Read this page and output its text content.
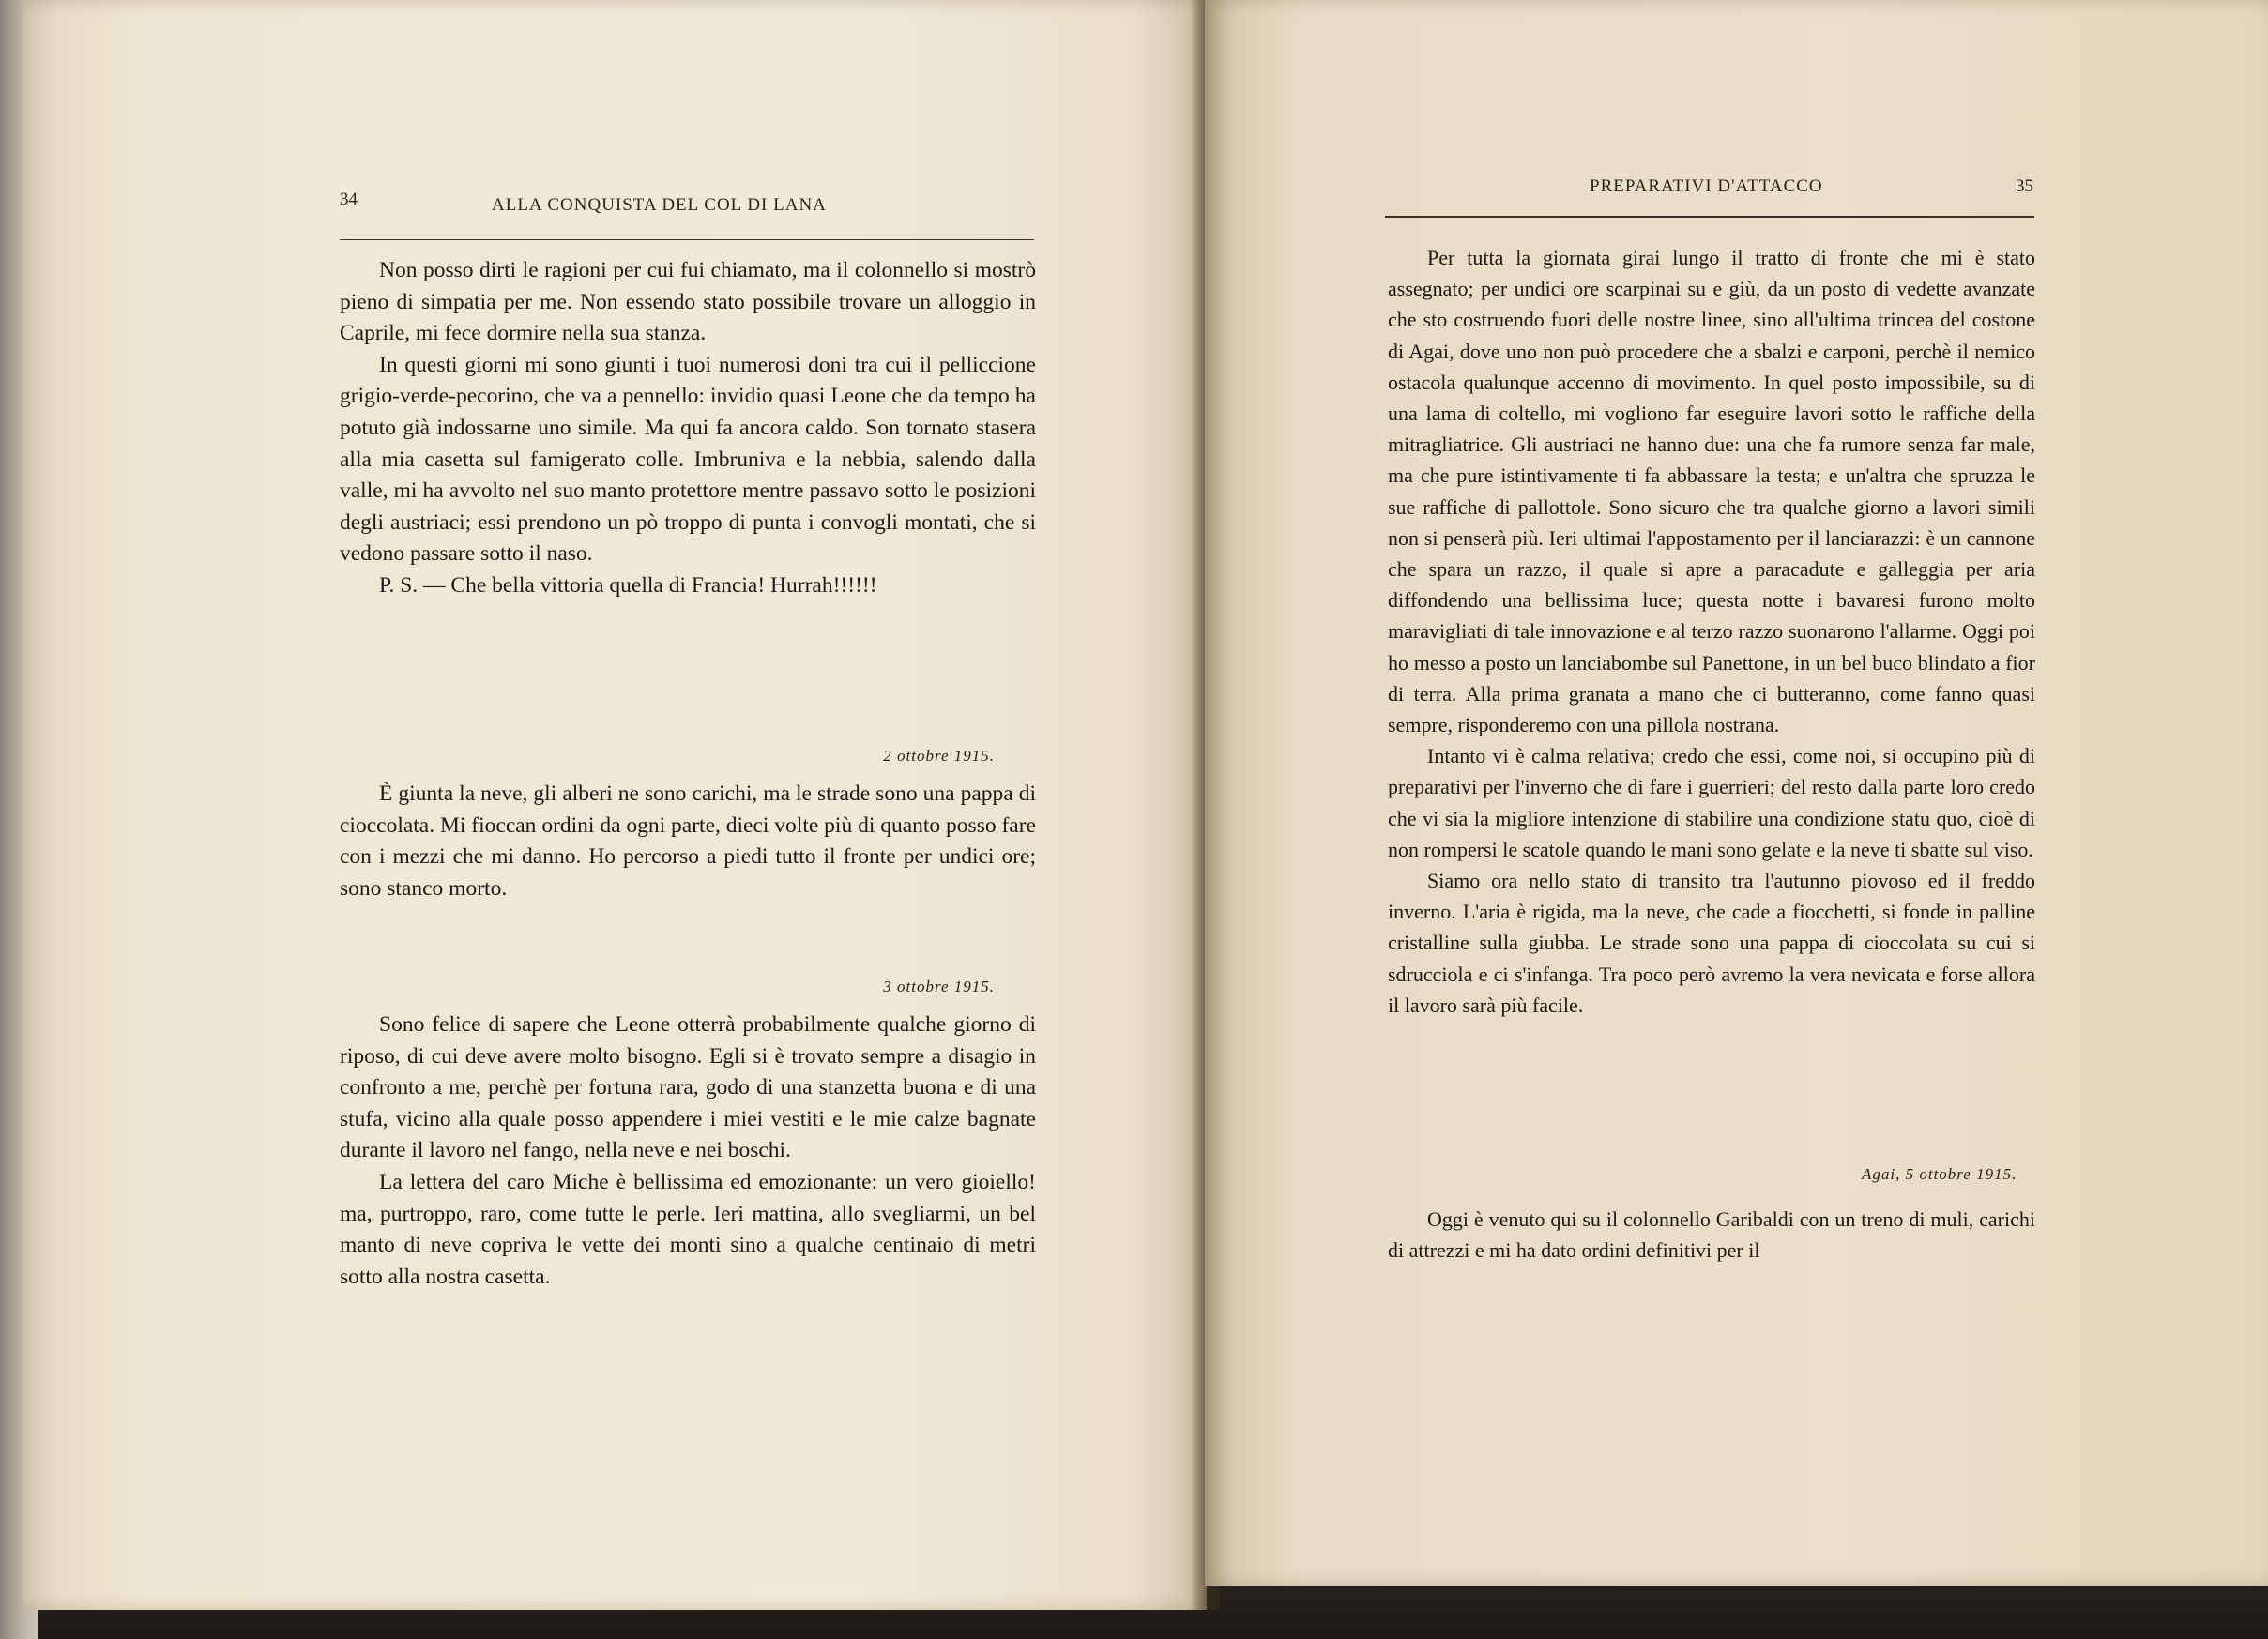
34	ALLA CONQUISTA DEL COL DI LANA

Non posso dirti le ragioni per cui fui chiamato, ma il colonnello si mostrò pieno di simpatia per me. Non essendo stato possibile trovare un alloggio in Caprile, mi fece dormire nella sua stanza.

In questi giorni mi sono giunti i tuoi numerosi doni tra cui il pelliccione grigio-verde-pecorino, che va a pennello: invidio quasi Leone che da tempo ha potuto già indossarne uno simile. Ma qui fa ancora caldo. Son tornato stasera alla mia casetta sul famigerato colle. Imbruniva e la nebbia, salendo dalla valle, mi ha avvolto nel suo manto protettore mentre passavo sotto le posizioni degli austriaci; essi prendono un pò troppo di punta i convogli montati, che si vedono passare sotto il naso.

P. S. — Che bella vittoria quella di Francia! Hurrah!!!!!!

2 ottobre 1915.

È giunta la neve, gli alberi ne sono carichi, ma le strade sono una pappa di cioccolata. Mi fioccan ordini da ogni parte, dieci volte più di quanto posso fare con i mezzi che mi danno. Ho percorso a piedi tutto il fronte per undici ore; sono stanco morto.

3 ottobre 1915.

Sono felice di sapere che Leone otterrà probabilmente qualche giorno di riposo, di cui deve avere molto bisogno. Egli si è trovato sempre a disagio in confronto a me, perchè per fortuna rara, godo di una stanzetta buona e di una stufa, vicino alla quale posso appendere i miei vestiti e le mie calze bagnate durante il lavoro nel fango, nella neve e nei boschi.

La lettera del caro Miche è bellissima ed emozionante: un vero gioiello! ma, purtroppo, raro, come tutte le perle. Ieri mattina, allo svegliarmi, un bel manto di neve copriva le vette dei monti sino a qualche centinaio di metri sotto alla nostra casetta.

PREPARATIVI D'ATTACCO	35

Per tutta la giornata girai lungo il tratto di fronte che mi è stato assegnato; per undici ore scarpinai su e giù, da un posto di vedette avanzate che sto costruendo fuori delle nostre linee, sino all'ultima trincea del costone di Agai, dove uno non può procedere che a sbalzi e carponi, perchè il nemico ostacola qualunque accenno di movimento. In quel posto impossibile, su di una lama di coltello, mi vogliono far eseguire lavori sotto le raffiche della mitragliatrice. Gli austriaci ne hanno due: una che fa rumore senza far male, ma che pure istintivamente ti fa abbassare la testa; e un'altra che spruzza le sue raffiche di pallottole. Sono sicuro che tra qualche giorno a lavori simili non si penserà più. Ieri ultimai l'appostamento per il lanciarazzi: è un cannone che spara un razzo, il quale si apre a paracadute e galleggia per aria diffondendo una bellissima luce; questa notte i bavaresi furono molto maravigliati di tale innovazione e al terzo razzo suonarono l'allarme. Oggi poi ho messo a posto un lanciabombe sul Panettone, in un bel buco blindato a fior di terra. Alla prima granata a mano che ci butteranno, come fanno quasi sempre, risponderemo con una pillola nostrana.

Intanto vi è calma relativa; credo che essi, come noi, si occupino più di preparativi per l'inverno che di fare i guerrieri; del resto dalla parte loro credo che vi sia la migliore intenzione di stabilire una condizione statu quo, cioè di non rompersi le scatole quando le mani sono gelate e la neve ti sbatte sul viso.

Siamo ora nello stato di transito tra l'autunno piovoso ed il freddo inverno. L'aria è rigida, ma la neve, che cade a fiocchetti, si fonde in palline cristalline sulla giubba. Le strade sono una pappa di cioccolata su cui si sdrucciola e ci s'infanga. Tra poco però avremo la vera nevicata e forse allora il lavoro sarà più facile.

Agai, 5 ottobre 1915.

Oggi è venuto qui su il colonnello Garibaldi con un treno di muli, carichi di attrezzi e mi ha dato ordini definitivi per il
